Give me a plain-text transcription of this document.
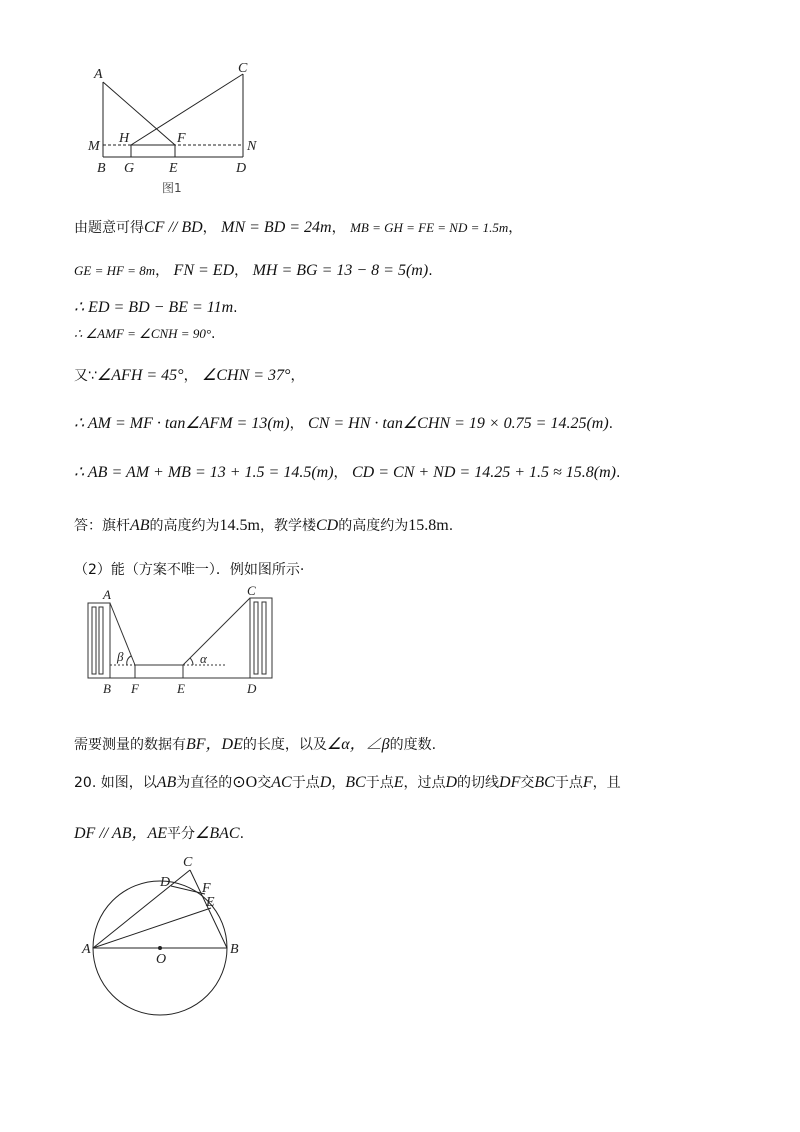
A	C
M
H	F
N
B G E	D
图1
由题意可得CF // BD， MN = BD = 24m， MB = GH = FE = ND = 1.5m，
GE = HF = 8m， FN = ED， MH = BG = 13 − 8 = 5(m).
∴ ED = BD − BE = 11m.
∴ ∠AMF = ∠CNH = 90°.
又∵∠AFH = 45°， ∠CHN = 37°，
∴ AM = MF · tan∠AFM = 13(m)， CN = HN · tan∠CHN = 19 × 0.75 = 14.25(m).
∴ AB = AM + MB = 13 + 1.5 = 14.5(m)， CD = CN + ND = 14.25 + 1.5 ≈ 15.8(m).
答：旗杆AB的高度约为14.5m，教学楼CD的高度约为15.8m.
（2）能（方案不唯一）．例如图所示·
A	C
β	α
B F	E	D
需要测量的数据有BF，DE的长度，以及∠α，∠β的度数.
20. 如图，以AB为直径的⊙O交AC于点D，BC于点E，过点D的切线DF交BC于点F，且
DF // AB，AE平分∠BAC.
C
D F
E
A	B
O
